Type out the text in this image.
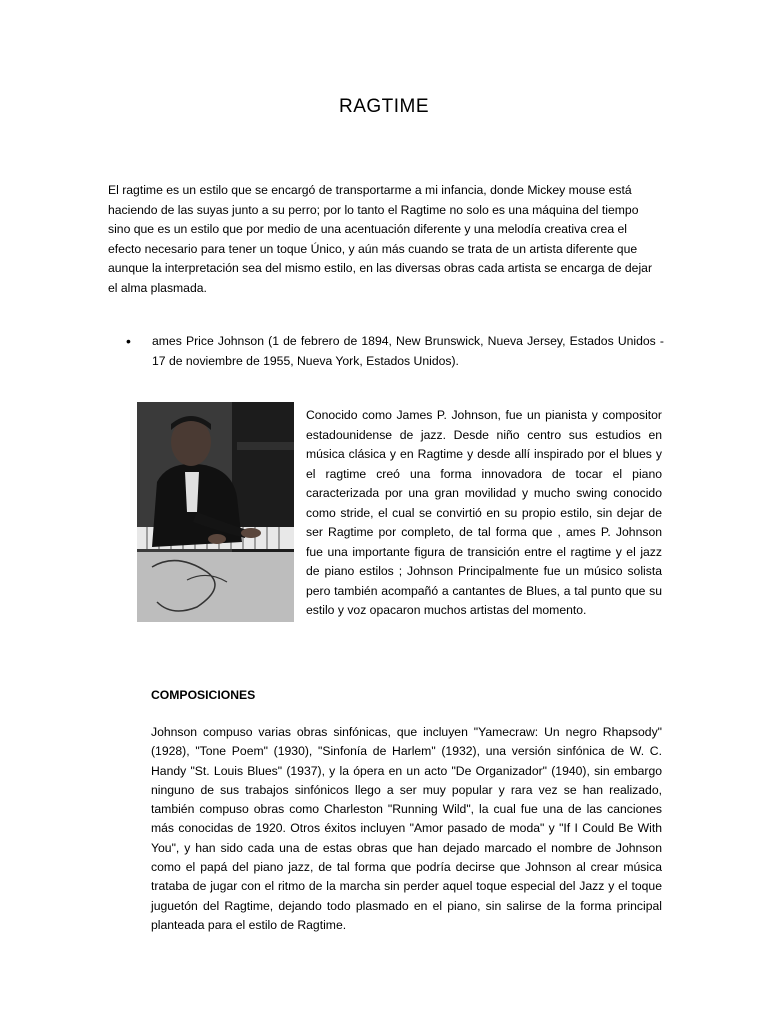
RAGTIME

El ragtime es un estilo que se encargó de transportarme a mi infancia, donde Mickey mouse está haciendo de las suyas junto a su perro; por lo tanto el Ragtime no solo es una máquina del tiempo sino que es un estilo que por medio de una acentuación diferente y una melodía creativa crea el efecto necesario para tener un toque Único, y aún más cuando se trata de un artista diferente que aunque la interpretación sea del mismo estilo, en las diversas obras cada artista se encarga de dejar el alma plasmada.

•	ames Price Johnson (1 de febrero de 1894, New Brunswick, Nueva Jersey, Estados Unidos - 17 de noviembre de 1955, Nueva York, Estados Unidos).

Conocido como James P. Johnson, fue un pianista y compositor estadounidense de jazz. Desde niño centro sus estudios en música clásica y en Ragtime y desde allí inspirado por el blues y el ragtime creó una forma innovadora de tocar el piano caracterizada por una gran movilidad y mucho swing conocido como stride, el cual se convirtió en su propio estilo, sin dejar de ser Ragtime por completo, de tal forma que , ames P. Johnson fue una importante figura de transición entre el ragtime y el jazz de piano estilos ; Johnson Principalmente fue un músico solista pero también acompañó a cantantes de Blues, a tal punto que su estilo y voz opacaron muchos artistas del momento.

COMPOSICIONES

Johnson compuso varias obras sinfónicas, que incluyen "Yamecraw: Un negro Rhapsody" (1928), "Tone Poem" (1930), "Sinfonía de Harlem" (1932), una versión sinfónica de W. C. Handy "St. Louis Blues" (1937), y la ópera en un acto "De Organizador" (1940), sin embargo ninguno de sus trabajos sinfónicos llego a ser muy popular y rara vez se han realizado, también compuso obras como Charleston "Running Wild", la cual fue una de las canciones más conocidas de 1920. Otros éxitos incluyen "Amor pasado de moda" y "If I Could Be With You", y han sido cada una de estas obras que han dejado marcado el nombre de Johnson como el papá del piano jazz, de tal forma que podría decirse que Johnson al crear música trataba de jugar con el ritmo de la marcha sin perder aquel toque especial del Jazz y el toque juguetón del Ragtime, dejando todo plasmado en el piano, sin salirse de la forma principal planteada para el estilo de Ragtime.
